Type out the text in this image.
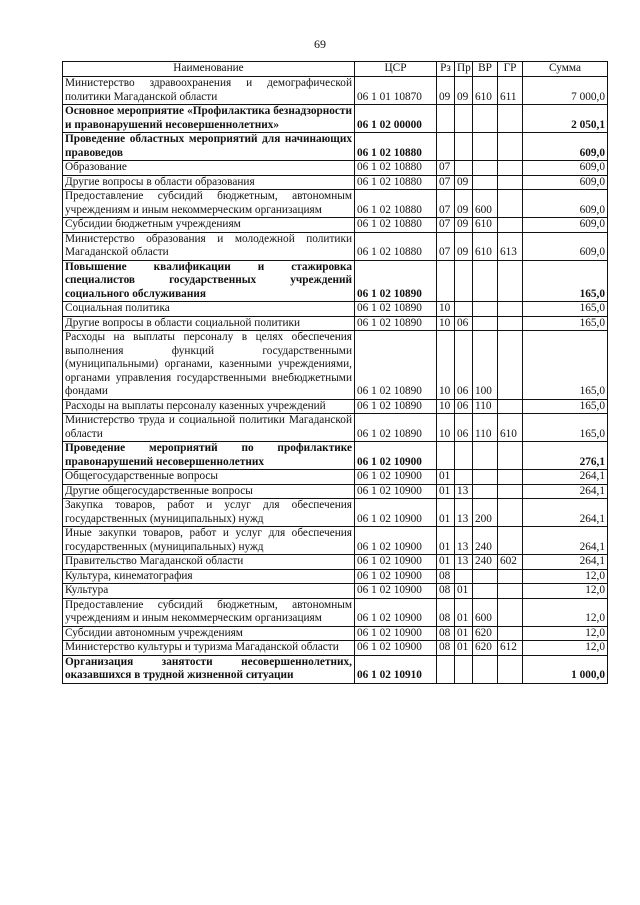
69
Наименование	ЦСР	Рз	Пр	ВР	ГР	Сумма
Министерство здравоохранения и демографической политики Магаданской области	06 1 01 10870	09	09	610	611	7 000,0
Основное мероприятие «Профилактика безнадзорности и правонарушений несовершеннолетних»	06 1 02 00000					2 050,1
Проведение областных мероприятий для начинающих правоведов	06 1 02 10880					609,0
Образование	06 1 02 10880	07				609,0
Другие вопросы в области образования	06 1 02 10880	07	09			609,0
Предоставление субсидий бюджетным, автономным учреждениям и иным некоммерческим организациям	06 1 02 10880	07	09	600		609,0
Субсидии бюджетным учреждениям	06 1 02 10880	07	09	610		609,0
Министерство образования и молодежной политики Магаданской области	06 1 02 10880	07	09	610	613	609,0
Повышение квалификации и стажировка специалистов государственных учреждений социального обслуживания	06 1 02 10890					165,0
Социальная политика	06 1 02 10890	10				165,0
Другие вопросы в области социальной политики	06 1 02 10890	10	06			165,0
Расходы на выплаты персоналу в целях обеспечения выполнения функций государственными (муниципальными) органами, казенными учреждениями, органами управления государственными внебюджетными фондами	06 1 02 10890	10	06	100		165,0
Расходы на выплаты персоналу казенных учреждений	06 1 02 10890	10	06	110		165,0
Министерство труда и социальной политики Магаданской области	06 1 02 10890	10	06	110	610	165,0
Проведение мероприятий по профилактике правонарушений несовершеннолетних	06 1 02 10900					276,1
Общегосударственные вопросы	06 1 02 10900	01				264,1
Другие общегосударственные вопросы	06 1 02 10900	01	13			264,1
Закупка товаров, работ и услуг для обеспечения государственных (муниципальных) нужд	06 1 02 10900	01	13	200		264,1
Иные закупки товаров, работ и услуг для обеспечения государственных (муниципальных) нужд	06 1 02 10900	01	13	240		264,1
Правительство Магаданской области	06 1 02 10900	01	13	240	602	264,1
Культура, кинематография	06 1 02 10900	08				12,0
Культура	06 1 02 10900	08	01			12,0
Предоставление субсидий бюджетным, автономным учреждениям и иным некоммерческим организациям	06 1 02 10900	08	01	600		12,0
Субсидии автономным учреждениям	06 1 02 10900	08	01	620		12,0
Министерство культуры и туризма Магаданской области	06 1 02 10900	08	01	620	612	12,0
Организация занятости несовершеннолетних, оказавшихся в трудной жизненной ситуации	06 1 02 10910					1 000,0
